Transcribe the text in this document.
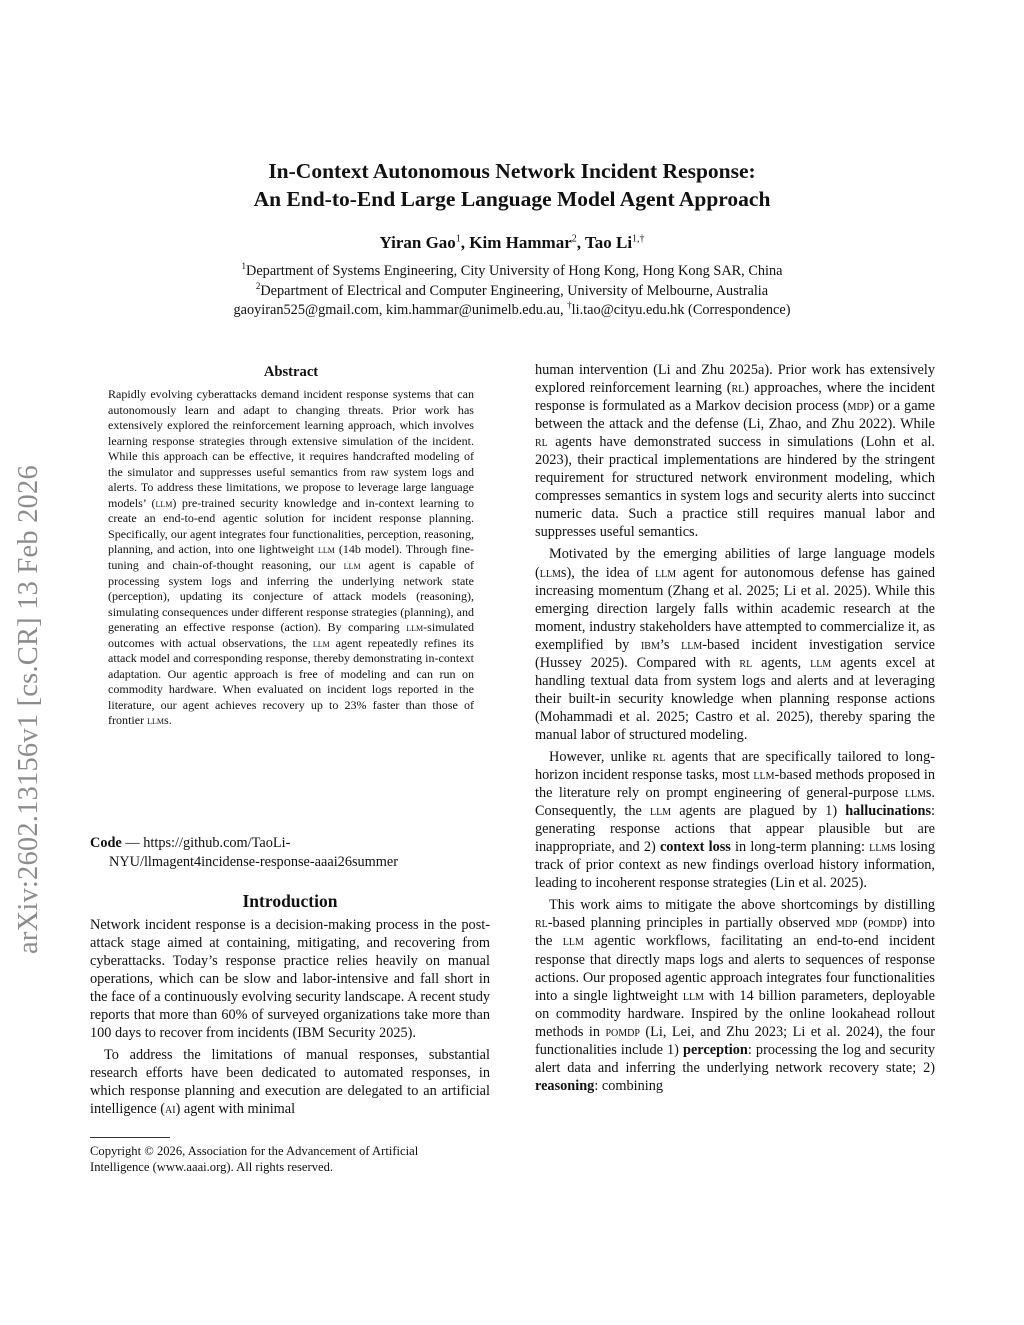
arXiv:2602.13156v1 [cs.CR] 13 Feb 2026
In-Context Autonomous Network Incident Response:
An End-to-End Large Language Model Agent Approach
Yiran Gao$^1$, Kim Hammar$^2$, Tao $Li^{1,\dagger}$
$^1$Department of Systems Engineering, City University of Hong Kong, Hong Kong SAR, China
$^2$Department of Electrical and Computer Engineering, University of Melbourne, Australia
gaoyiran525@gmail.com, kim.hammar@unimelb.edu.au, †li.tao@cityu.edu.hk (Correspondence)
Abstract

Rapidly evolving cyberattacks demand incident response systems that can autonomously learn and adapt to changing threats. Prior work has extensively explored the reinforcement learning approach, which involves learning response strategies through extensive simulation of the incident. While this approach can be effective, it requires handcrafted modeling of the simulator and suppresses useful semantics from raw system logs and alerts. To address these limitations, we propose to leverage large language models’ (llm) pre-trained security knowledge and in-context learning to create an end-to-end agentic solution for incident response planning. Specifically, our agent integrates four functionalities, perception, reasoning, planning, and action, into one lightweight llm (14b model). Through fine-tuning and chain-of-thought reasoning, our llm agent is capable of processing system logs and inferring the underlying network state (perception), updating its conjecture of attack models (reasoning), simulating consequences under different response strategies (planning), and generating an effective response (action). By comparing llm-simulated outcomes with actual observations, the llm agent repeatedly refines its attack model and corresponding response, thereby demonstrating in-context adaptation. Our agentic approach is free of modeling and can run on commodity hardware. When evaluated on incident logs reported in the literature, our agent achieves recovery up to 23% faster than those of frontier llms.

Code — https://github.com/TaoLi-
NYU/llmagent4incidense-response-aaai26summer
Introduction

Network incident response is a decision-making process in the post-attack stage aimed at containing, mitigating, and recovering from cyberattacks. Today’s response practice relies heavily on manual operations, which can be slow and labor-intensive and fall short in the face of a continuously evolving security landscape. A recent study reports that more than 60% of surveyed organizations take more than 100 days to recover from incidents (IBM Security 2025).

To address the limitations of manual responses, substantial research efforts have been dedicated to automated responses, in which response planning and execution are delegated to an artificial intelligence (ai) agent with minimal

Copyright © 2026, Association for the Advancement of Artificial
Intelligence (www.aaai.org). All rights reserved.

human intervention (Li and Zhu 2025a). Prior work has extensively explored reinforcement learning (rl) approaches, where the incident response is formulated as a Markov decision process (mdp) or a game between the attack and the defense (Li, Zhao, and Zhu 2022). While rl agents have demonstrated success in simulations (Lohn et al. 2023), their practical implementations are hindered by the stringent requirement for structured network environment modeling, which compresses semantics in system logs and security alerts into succinct numeric data. Such a practice still requires manual labor and suppresses useful semantics.

Motivated by the emerging abilities of large language models (llms), the idea of llm agent for autonomous defense has gained increasing momentum (Zhang et al. 2025; Li et al. 2025). While this emerging direction largely falls within academic research at the moment, industry stakeholders have attempted to commercialize it, as exemplified by ibm’s llm-based incident investigation service (Hussey 2025). Compared with rl agents, llm agents excel at handling textual data from system logs and alerts and at leveraging their built-in security knowledge when planning response actions (Mohammadi et al. 2025; Castro et al. 2025), thereby sparing the manual labor of structured modeling.

However, unlike rl agents that are specifically tailored to long-horizon incident response tasks, most llm-based methods proposed in the literature rely on prompt engineering of general-purpose llms. Consequently, the llm agents are plagued by 1) hallucinations: generating response actions that appear plausible but are inappropriate, and 2) context loss in long-term planning: llms losing track of prior context as new findings overload history information, leading to incoherent response strategies (Lin et al. 2025).

This work aims to mitigate the above shortcomings by distilling rl-based planning principles in partially observed mdp (pomdp) into the llm agentic workflows, facilitating an end-to-end incident response that directly maps logs and alerts to sequences of response actions. Our proposed agentic approach integrates four functionalities into a single lightweight llm with 14 billion parameters, deployable on commodity hardware. Inspired by the online lookahead rollout methods in pomdp (Li, Lei, and Zhu 2023; Li et al. 2024), the four functionalities include 1) perception: processing the log and security alert data and inferring the underlying network recovery state; 2) reasoning: combining
